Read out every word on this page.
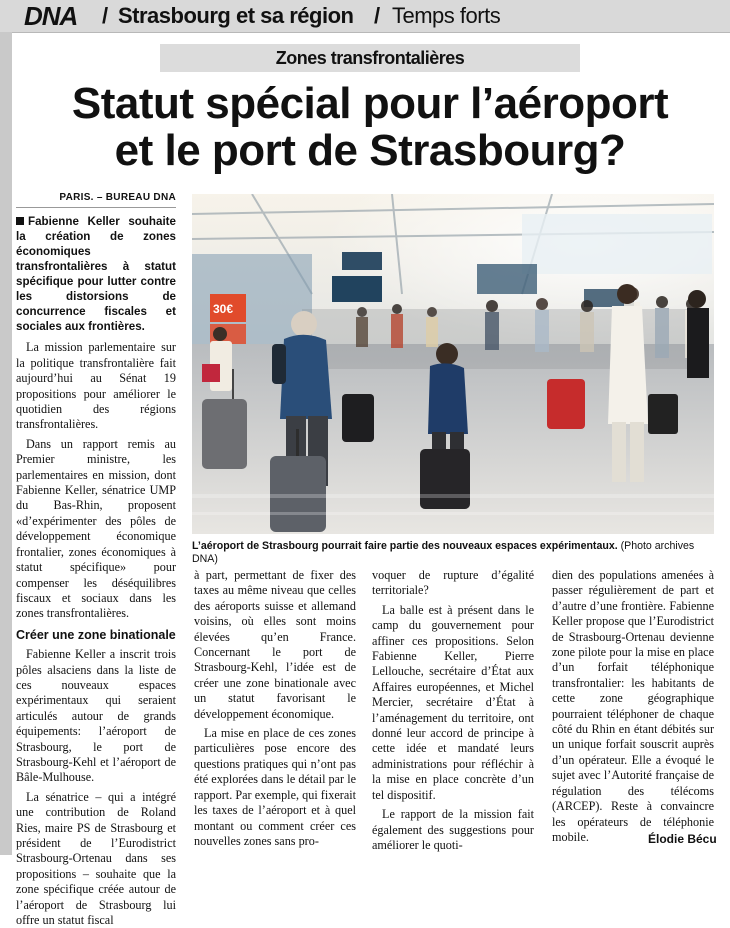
DNA / Strasbourg et sa région / Temps forts
Zones transfrontalières
Statut spécial pour l’aéroport
et le port de Strasbourg?

PARIS. – BUREAU DNA

Fabienne Keller souhaite la création de zones économiques transfrontalières à statut spécifique pour lutter contre les distorsions de concurrence fiscales et sociales aux frontières.

La mission parlementaire sur la politique transfrontalière fait aujourd’hui au Sénat 19 propositions pour améliorer le quotidien des régions transfrontalières.

Dans un rapport remis au Premier ministre, les parlementaires en mission, dont Fabienne Keller, sénatrice UMP du Bas-Rhin, proposent «d’expérimenter des pôles de développement économique frontalier, zones économiques à statut spécifique» pour compenser les déséquilibres fiscaux et sociaux dans les zones transfrontalières.

Créer une zone binationale

Fabienne Keller a inscrit trois pôles alsaciens dans la liste de ces nouveaux espaces expérimentaux qui seraient articulés autour de grands équipements: l’aéroport de Strasbourg, le port de Strasbourg-Kehl et l’aéroport de Bâle-Mulhouse.

La sénatrice – qui a intégré une contribution de Roland Ries, maire PS de Strasbourg et président de l’Eurodistrict Strasbourg-Ortenau dans ses propositions – souhaite que la zone spécifique créée autour de l’aéroport de Strasbourg lui offre un statut fiscal

30€
L’aéroport de Strasbourg pourrait faire partie des nouveaux espaces expérimentaux. (Photo archives DNA)

à part, permettant de fixer des taxes au même niveau que celles des aéroports suisse et allemand voisins, où elles sont moins élevées qu’en France. Concernant le port de Strasbourg-Kehl, l’idée est de créer une zone binationale avec un statut favorisant le développement économique.

La mise en place de ces zones particulières pose encore des questions pratiques qui n’ont pas été explorées dans le détail par le rapport. Par exemple, qui fixerait les taxes de l’aéroport et à quel montant ou comment créer ces nouvelles zones sans pro-

voquer de rupture d’égalité territoriale?

La balle est à présent dans le camp du gouvernement pour affiner ces propositions. Selon Fabienne Keller, Pierre Lellouche, secrétaire d’État aux Affaires européennes, et Michel Mercier, secrétaire d’État à l’aménagement du territoire, ont donné leur accord de principe à cette idée et mandaté leurs administrations pour réfléchir à la mise en place concrète d’un tel dispositif.

Le rapport de la mission fait également des suggestions pour améliorer le quoti-

dien des populations amenées à passer régulièrement de part et d’autre d’une frontière. Fabienne Keller propose que l’Eurodistrict de Strasbourg-Ortenau devienne zone pilote pour la mise en place d’un forfait téléphonique transfrontalier: les habitants de cette zone géographique pourraient téléphoner de chaque côté du Rhin en étant débités sur un unique forfait souscrit auprès d’un opérateur. Elle a évoqué le sujet avec l’Autorité française de régulation des télécoms (ARCEP). Reste à convaincre les opérateurs de téléphonie mobile.	Élodie Bécu
